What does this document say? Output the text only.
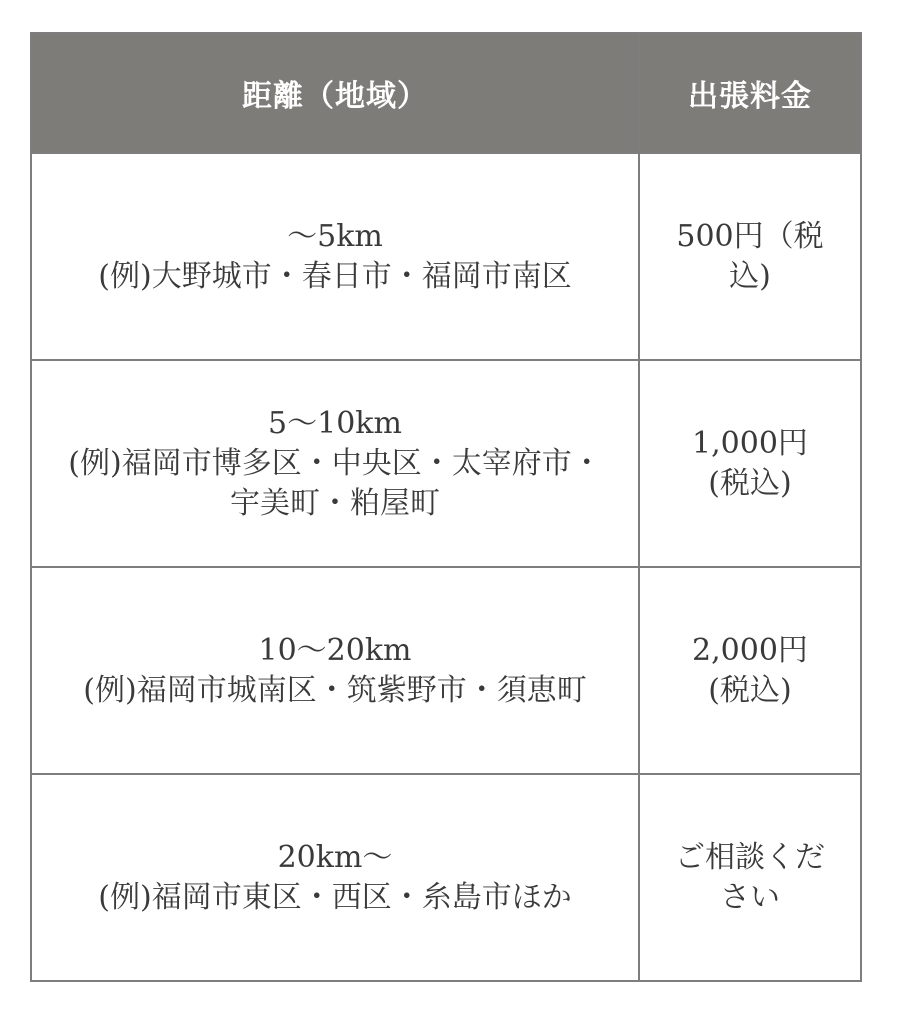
距離（地域）	出張料金

〜5km
(例)大野城市・春日市・福岡市南区	500円（税込)

5〜10km
(例)福岡市博多区・中央区・太宰府市・宇美町・粕屋町	1,000円(税込)

10〜20km
(例)福岡市城南区・筑紫野市・須恵町	2,000円(税込)

20km〜
(例)福岡市東区・西区・糸島市ほか	ご相談ください
